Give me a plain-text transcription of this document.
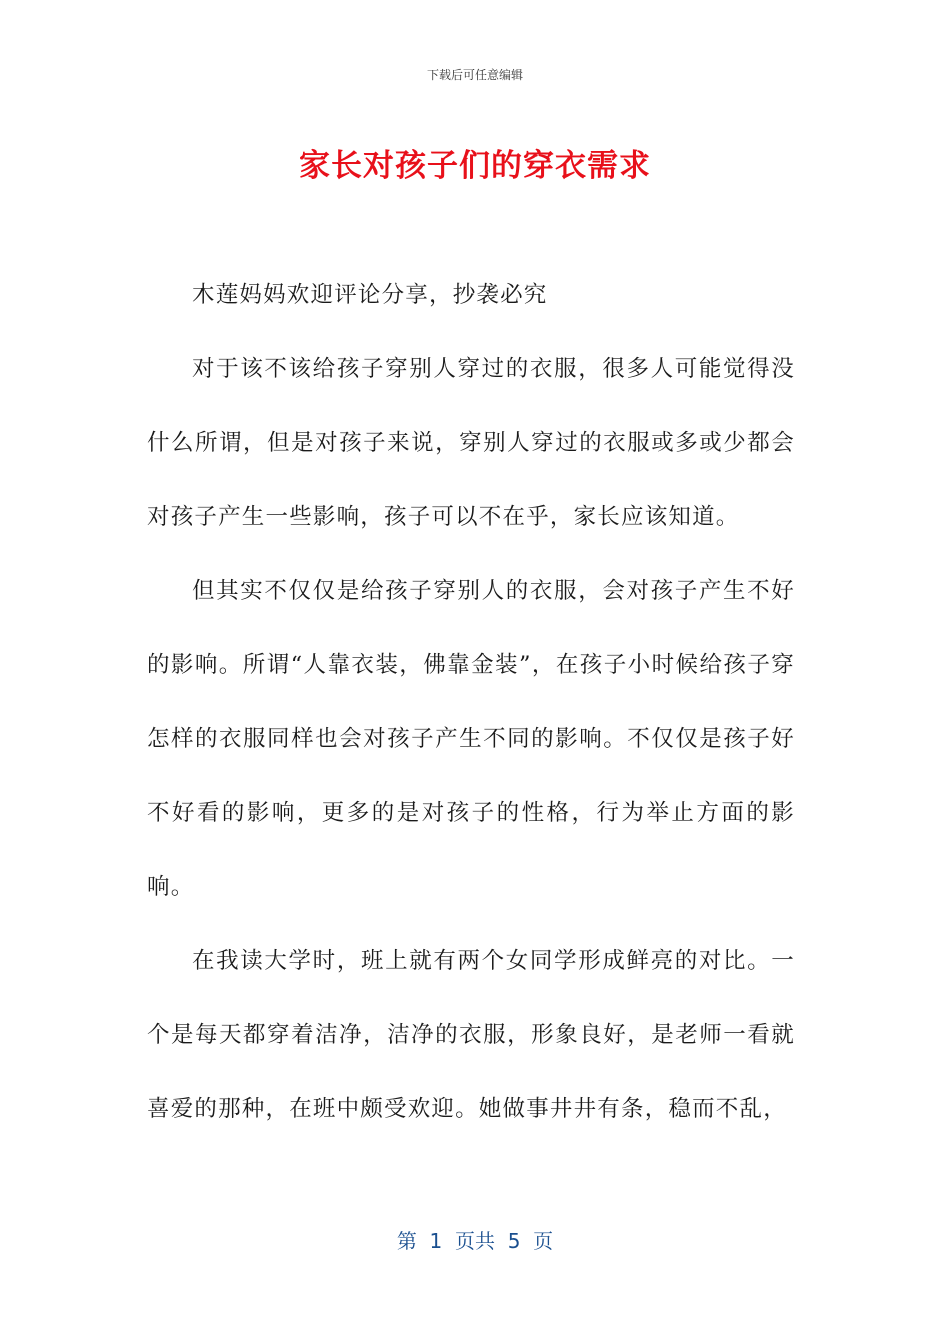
下载后可任意编辑
家长对孩子们的穿衣需求

木莲妈妈欢迎评论分享，抄袭必究

对于该不该给孩子穿别人穿过的衣服，很多人可能觉得没什么所谓，但是对孩子来说，穿别人穿过的衣服或多或少都会对孩子产生一些影响，孩子可以不在乎，家长应该知道。

但其实不仅仅是给孩子穿别人的衣服，会对孩子产生不好的影响。所谓“人靠衣装，佛靠金装”，在孩子小时候给孩子穿怎样的衣服同样也会对孩子产生不同的影响。不仅仅是孩子好不好看的影响，更多的是对孩子的性格，行为举止方面的影响。

在我读大学时，班上就有两个女同学形成鲜亮的对比。一个是每天都穿着洁净，洁净的衣服，形象良好，是老师一看就喜爱的那种，在班中颇受欢迎。她做事井井有条，稳而不乱，

第  1  页共  5  页
